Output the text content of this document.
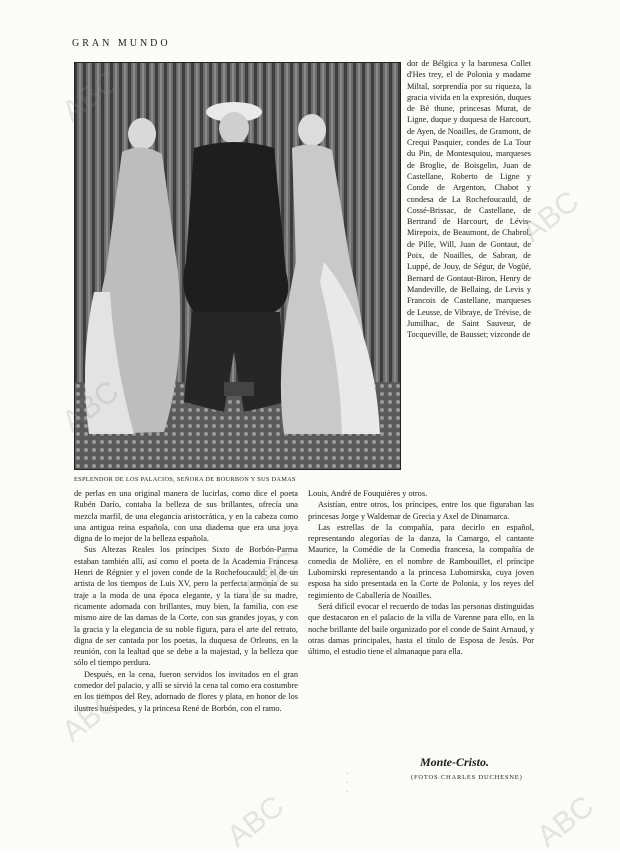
GRAN MUNDO
ESPLENDOR DE LOS PALACIOS, SEÑORA DE BOURBON Y SUS DAMAS

dor de Bélgica y la baronesa Collet d'Hes trey, el de Polonia y madame Miltal, sorprendía por su riqueza, la gracia vivida en la expresión, duques de Bé thune, princesas Murat, de Ligne, duque y duquesa de Harcourt, de Ayen, de Noailles, de Gramont, de Crequi Pasquier, condes de La Tour du Pin, de Montesquiou, marqueses de Broglie, de Boisgelin, Juan de Castellane, Roberto de Ligne y Conde de Argenton, Chabot y condesa de La Rochefoucauld, de Cossé-Brissac, de Castellane, de Bertrand de Harcourt, de Lévis-Mirepoix, de Beaumont, de Chabrol, de Pille, Will, Juan de Gontaut, de Poix, de Noailles, de Sabran, de Luppé, de Jouy, de Ségur, de Vogüé, Bernard de Gontaut-Biron, Henry de Mandeville, de Bellaing, de Levis y Francois de Castellane, marqueses de Leusse, de Vibraye, de Trévise, de Jumilhac, de Saint Sauveur, de Tocqueville, de Bausset; vizconde de

de perlas en una original manera de lucirlas, como dice el poeta Rubén Darío, contaba la belleza de sus brillantes, ofrecía una mezcla marfil, de una elegancia aristocrática, y en la cabeza como una antigua reina española, con una diadema que era una joya digna de lo mejor de la belleza española.

Sus Altezas Reales los príncipes Sixto de Borbón-Parma estaban también allí, así como el poeta de la Academia Francesa Henri de Régnier y el joven conde de la Rochefoucauld; el de un artista de los tiempos de Luis XV, pero la perfecta armonía de su traje a la moda de una época elegante, y la tiara de su madre, ricamente adornada con brillantes, muy bien, la familia, con ese mismo aire de las damas de la Corte, con sus grandes joyas, y con la gracia y la elegancia de su noble figura, para el arte del retrato, digna de ser cantada por los poetas, la duquesa de Orleans, en la reunión, con la lealtad que se debe a la majestad, y la belleza que sólo el tiempo perdura.

Después, en la cena, fueron servidos los invitados en el gran comedor del palacio, y allí se sirvió la cena tal como era costumbre en los tiempos del Rey, adornado de flores y plata, en honor de los ilustres huéspedes, y la princesa René de Borbón, con el ramo.

Louis, André de Fouquières y otros.

Asistían, entre otros, los príncipes, entre los que figuraban las princesas Jorge y Waldemar de Grecia y Axel de Dinamarca.

Las estrellas de la compañía, para decirlo en español, representando alegorías de la danza, la Camargo, el cantante Maurice, la Comédie de la Comedia francesa, la compañía de comedia de Molière, en el nombre de Rambouillet, el príncipe Lubomirski representando a la princesa Lubomirska, cuya joven esposa ha sido presentada en la Corte de Polonia, y los reyes del regimiento de Caballería de Noailles.

Será difícil evocar el recuerdo de todas las personas distinguidas que destacaron en el palacio de la villa de Varenne para ello, en la noche brillante del baile organizado por el conde de Saint Arnaud, y otras damas principales, hasta el título de Esposa de Jesús. Por último, el estudio tiene el almanaque para ella.

·
·
·
Monte-Cristo.
(FOTOS CHARLES DUCHESNE)
ABC
ABC
ABC
ABC
ABC
ABC	ABC
